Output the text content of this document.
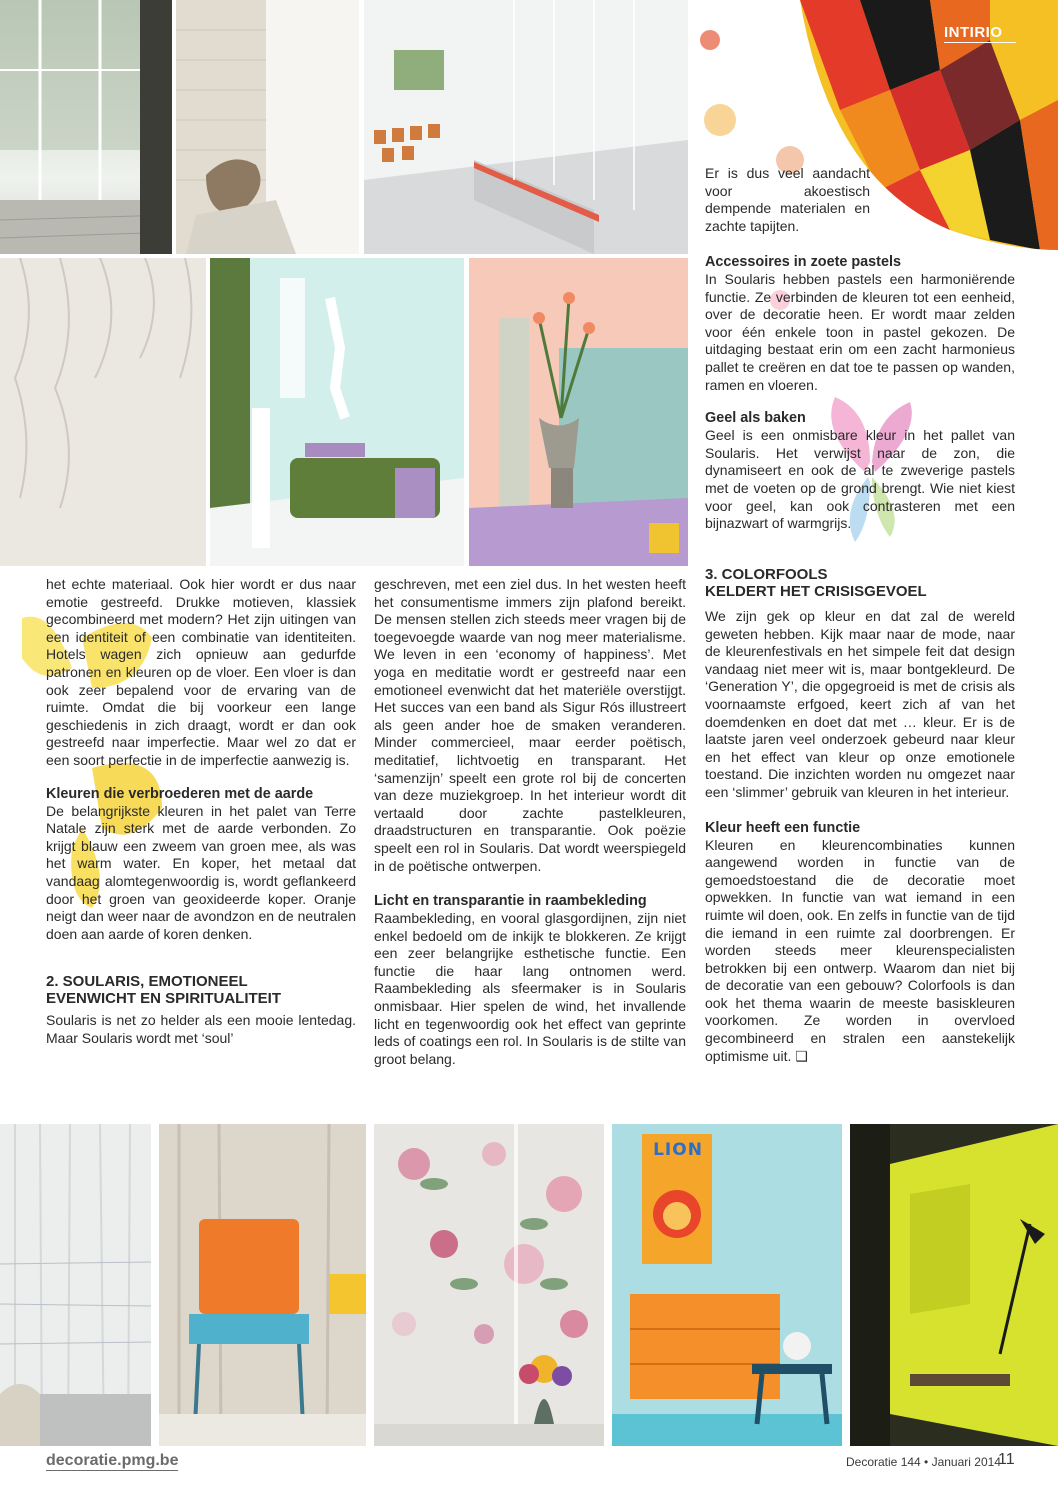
INTIRIO

Er is dus veel aandacht voor akoestisch dempende materialen en zachte tapijten.

Accessoires in zoete pastels

In Soularis hebben pastels een harmoniërende functie. Ze verbinden de kleuren tot een eenheid, over de decoratie heen. Er wordt maar zelden voor één enkele toon in pastel gekozen. De uitdaging bestaat erin om een zacht harmonieus pallet te creëren en dat toe te passen op wanden, ramen en vloeren.

Geel als baken

Geel is een onmisbare kleur in het pallet van Soularis. Het verwijst naar de zon, die dynamiseert en ook de al te zweverige pastels met de voeten op de grond brengt. Wie niet kiest voor geel, kan ook contrasteren met een bijnazwart of warmgrijs.

het echte materiaal. Ook hier wordt er dus naar emotie gestreefd. Drukke motieven, klassiek gecombineerd met modern? Het zijn uitingen van een identiteit of een combinatie van identiteiten. Hotels wagen zich opnieuw aan gedurfde patronen en kleuren op de vloer. Een vloer is dan ook zeer bepalend voor de ervaring van de ruimte. Omdat die bij voorkeur een lange geschiedenis in zich draagt, wordt er dan ook gestreefd naar imperfectie. Maar wel zo dat er een soort perfectie in de imperfectie aanwezig is.

Kleuren die verbroederen met de aarde

De belangrijkste kleuren in het palet van Terre Natale zijn sterk met de aarde verbonden. Zo krijgt blauw een zweem van groen mee, als was het warm water. En koper, het metaal dat vandaag alomtegenwoordig is, wordt geflankeerd door het groen van geoxideerde koper. Oranje neigt dan weer naar de avondzon en de neutralen doen aan aarde of koren denken.

2. SOULARIS, EMOTIONEEL
EVENWICHT EN SPIRITUALITEIT

Soularis is net zo helder als een mooie lentedag. Maar Soularis wordt met ‘soul’

geschreven, met een ziel dus. In het westen heeft het consumentisme immers zijn plafond bereikt. De mensen stellen zich steeds meer vragen bij de toegevoegde waarde van nog meer materialisme. We leven in een ‘economy of happiness’. Met yoga en meditatie wordt er gestreefd naar een emotioneel evenwicht dat het materiële overstijgt. Het succes van een band als Sigur Rós illustreert als geen ander hoe de smaken veranderen. Minder commercieel, maar eerder poëtisch, meditatief, lichtvoetig en transparant. Het ‘samenzijn’ speelt een grote rol bij de concerten van deze muziekgroep. In het interieur wordt dit vertaald door zachte pastelkleuren, draadstructuren en transparantie. Ook poëzie speelt een rol in Soularis. Dat wordt weerspiegeld in de poëtische ontwerpen.

Licht en transparantie in raambekleding

Raambekleding, en vooral glasgordijnen, zijn niet enkel bedoeld om de inkijk te blokkeren. Ze krijgt een zeer belangrijke esthetische functie. Een functie die haar lang ontnomen werd. Raambekleding als sfeermaker is in Soularis onmisbaar. Hier spelen de wind, het invallende licht en tegenwoordig ook het effect van geprinte leds of coatings een rol. In Soularis is de stilte van groot belang.

3. COLORFOOLS
KELDERT HET CRISISGEVOEL

We zijn gek op kleur en dat zal de wereld geweten hebben. Kijk maar naar de mode, naar de kleurenfestivals en het simpele feit dat design vandaag niet meer wit is, maar bontgekleurd. De ‘Generation Y’, die opgegroeid is met de crisis als voornaamste erfgoed, keert zich af van het doemdenken en doet dat met … kleur. Er is de laatste jaren veel onderzoek gebeurd naar kleur en het effect van kleur op onze emotionele toestand. Die inzichten worden nu omgezet naar een ‘slimmer’ gebruik van kleuren in het interieur.

Kleur heeft een functie

Kleuren en kleurencombinaties kunnen aangewend worden in functie van de gemoedstoestand die de decoratie moet opwekken. In functie van wat iemand in een ruimte wil doen, ook. En zelfs in functie van de tijd die iemand in een ruimte zal doorbrengen. Er worden steeds meer kleurenspecialisten betrokken bij een ontwerp. Waarom dan niet bij de decoratie van een gebouw? Colorfools is dan ook het thema waarin de meeste basiskleuren voorkomen. Ze worden in overvloed gecombineerd en stralen een aanstekelijk optimisme uit. ❑

LION
decoratie.pmg.be	Decoratie 144 • Januari 2014
11
